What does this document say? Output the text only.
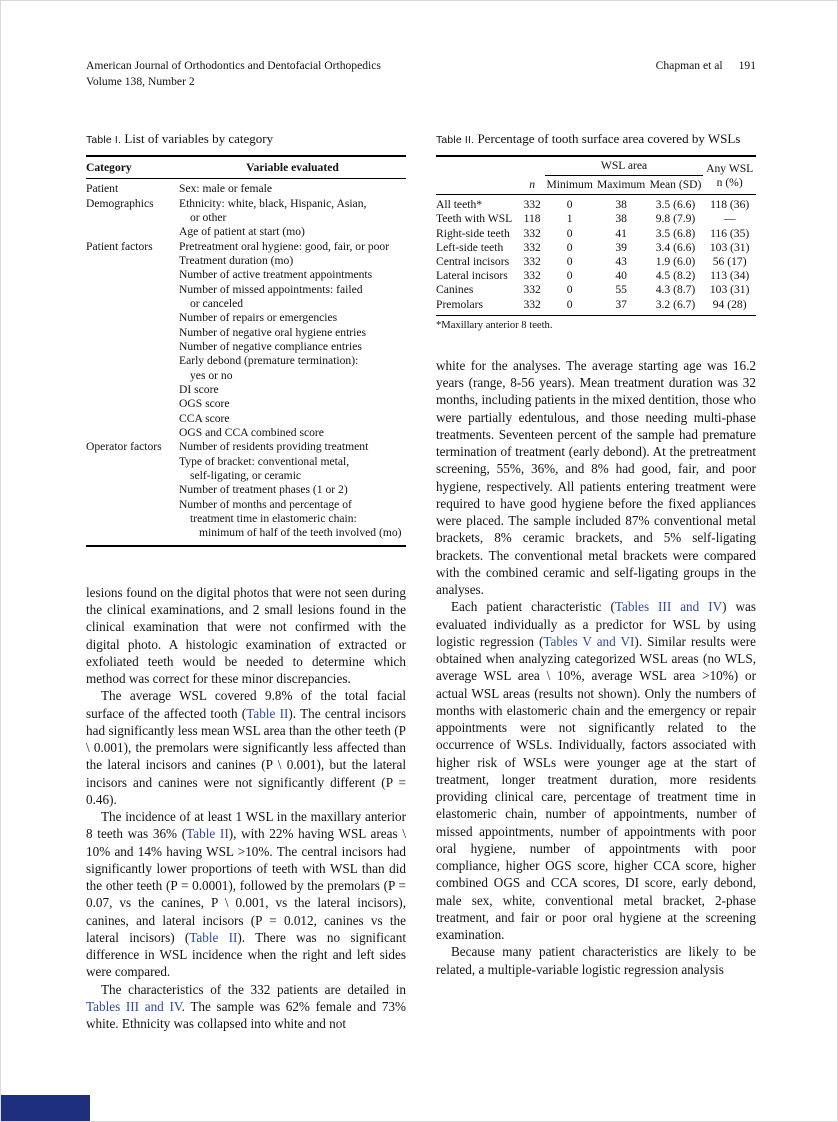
American Journal of Orthodontics and Dentofacial Orthopedics
Volume 138, Number 2
Chapman et al 191
Table I. List of variables by category
Category	Variable evaluated
Patient	Sex: male or female
Demographics	Ethnicity: white, black, Hispanic, Asian,
	or other
	Age of patient at start (mo)
Patient factors	Pretreatment oral hygiene: good, fair, or poor
	Treatment duration (mo)
	Number of active treatment appointments
	Number of missed appointments: failed
	or canceled
	Number of repairs or emergencies
	Number of negative oral hygiene entries
	Number of negative compliance entries
	Early debond (premature termination):
	yes or no
	DI score
	OGS score
	CCA score
	OGS and CCA combined score
Operator factors	Number of residents providing treatment
	Type of bracket: conventional metal,
	self-ligating, or ceramic
	Number of treatment phases (1 or 2)
	Number of months and percentage of
	treatment time in elastomeric chain:
	minimum of half of the teeth involved (mo)

lesions found on the digital photos that were not seen during the clinical examinations, and 2 small lesions found in the clinical examination that were not confirmed with the digital photo. A histologic examination of extracted or exfoliated teeth would be needed to determine which method was correct for these minor discrepancies.

The average WSL covered 9.8% of the total facial surface of the affected tooth (Table II). The central incisors had significantly less mean WSL area than the other teeth (P \ 0.001), the premolars were significantly less affected than the lateral incisors and canines (P \ 0.001), but the lateral incisors and canines were not significantly different (P = 0.46).

The incidence of at least 1 WSL in the maxillary anterior 8 teeth was 36% (Table II), with 22% having WSL areas \ 10% and 14% having WSL >10%. The central incisors had significantly lower proportions of teeth with WSL than did the other teeth (P = 0.0001), followed by the premolars (P = 0.07, vs the canines, P \ 0.001, vs the lateral incisors), canines, and lateral incisors (P = 0.012, canines vs the lateral incisors) (Table II). There was no significant difference in WSL incidence when the right and left sides were compared.

The characteristics of the 332 patients are detailed in Tables III and IV. The sample was 62% female and 73% white. Ethnicity was collapsed into white and not

Table II. Percentage of tooth surface area covered by WSLs
	n	WSL area			Any WSL
n (%)
		Minimum	Maximum	Mean (SD)	
All teeth*	332	0	38	3.5 (6.6)	118 (36)
Teeth with WSL	118	1	38	9.8 (7.9)	—
Right-side teeth	332	0	41	3.5 (6.8)	116 (35)
Left-side teeth	332	0	39	3.4 (6.6)	103 (31)
Central incisors	332	0	43	1.9 (6.0)	56 (17)
Lateral incisors	332	0	40	4.5 (8.2)	113 (34)
Canines	332	0	55	4.3 (8.7)	103 (31)
Premolars	332	0	37	3.2 (6.7)	94 (28)
*Maxillary anterior 8 teeth.

white for the analyses. The average starting age was 16.2 years (range, 8-56 years). Mean treatment duration was 32 months, including patients in the mixed dentition, those who were partially edentulous, and those needing multi-phase treatments. Seventeen percent of the sample had premature termination of treatment (early debond). At the pretreatment screening, 55%, 36%, and 8% had good, fair, and poor hygiene, respectively. All patients entering treatment were required to have good hygiene before the fixed appliances were placed. The sample included 87% conventional metal brackets, 8% ceramic brackets, and 5% self-ligating brackets. The conventional metal brackets were compared with the combined ceramic and self-ligating groups in the analyses.

Each patient characteristic (Tables III and IV) was evaluated individually as a predictor for WSL by using logistic regression (Tables V and VI). Similar results were obtained when analyzing categorized WSL areas (no WLS, average WSL area \ 10%, average WSL area >10%) or actual WSL areas (results not shown). Only the numbers of months with elastomeric chain and the emergency or repair appointments were not significantly related to the occurrence of WSLs. Individually, factors associated with higher risk of WSLs were younger age at the start of treatment, longer treatment duration, more residents providing clinical care, percentage of treatment time in elastomeric chain, number of appointments, number of missed appointments, number of appointments with poor oral hygiene, number of appointments with poor compliance, higher OGS score, higher CCA score, higher combined OGS and CCA scores, DI score, early debond, male sex, white, conventional metal bracket, 2-phase treatment, and fair or poor oral hygiene at the screening examination.

Because many patient characteristics are likely to be related, a multiple-variable logistic regression analysis
